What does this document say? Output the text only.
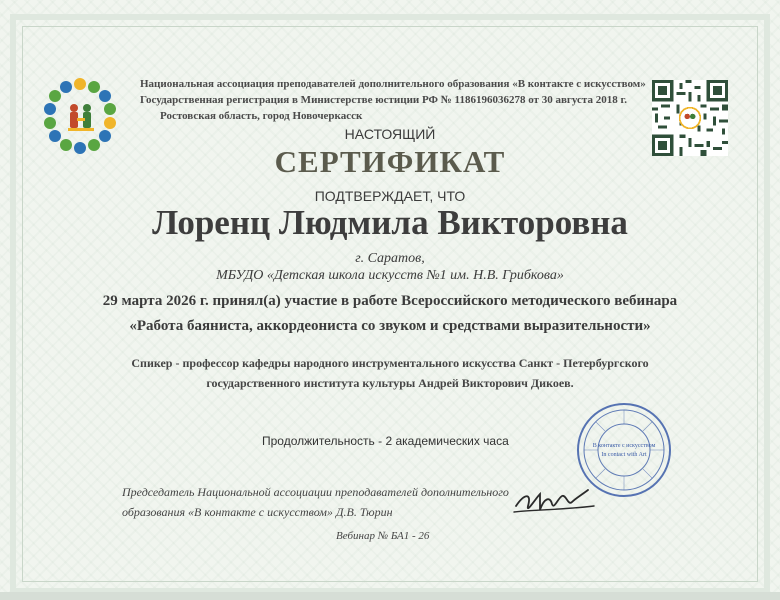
Национальная ассоциация преподавателей дополнительного образования «В контакте с искусством»
Государственная регистрация в Министерстве юстиции РФ № 1186196036278 от 30 августа 2018 г.
Ростовская область, город Новочеркасск
НАСТОЯЩИЙ
СЕРТИФИКАТ
ПОДТВЕРЖДАЕТ, ЧТО
Лоренц Людмила Викторовна
г. Саратов,
МБУДО «Детская школа искусств №1 им. Н.В. Грибкова»
29 марта 2026 г. принял(а) участие в работе Всероссийского методического вебинара
«Работа баяниста, аккордеониста со звуком и средствами выразительности»
Спикер - профессор кафедры народного инструментального искусства Санкт - Петербургского
государственного института культуры Андрей Викторович Дикоев.
Продолжительность - 2 академических часа
Председатель Национальной ассоциации преподавателей дополнительного
образования «В контакте с искусством» Д.В. Тюрин
Вебинар № БА1 - 26
В контакте с искусством
In contact with Art
